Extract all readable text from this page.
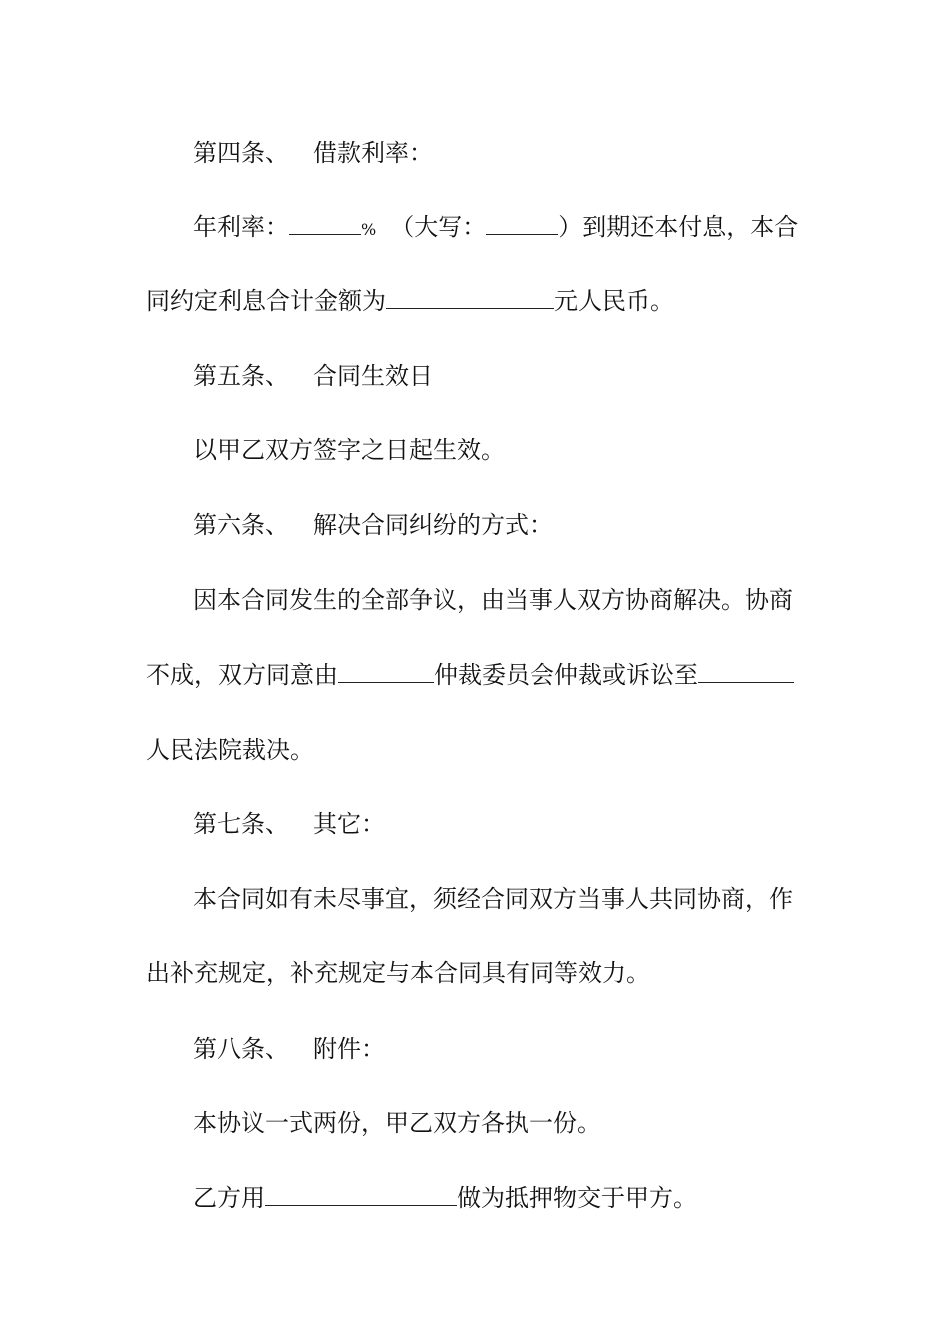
第四条、 借款利率：
年利率：	% （大写：	）到期还本付息，本合
同约定利息合计金额为	元人民币。
第五条、 合同生效日
以甲乙双方签字之日起生效。
第六条、 解决合同纠纷的方式：
因本合同发生的全部争议，由当事人双方协商解决。协商
不成，双方同意由	仲裁委员会仲裁或诉讼至
人民法院裁决。
第七条、 其它：
本合同如有未尽事宜，须经合同双方当事人共同协商，作
出补充规定，补充规定与本合同具有同等效力。
第八条、 附件：
本协议一式两份，甲乙双方各执一份。
乙方用	做为抵押物交于甲方。
